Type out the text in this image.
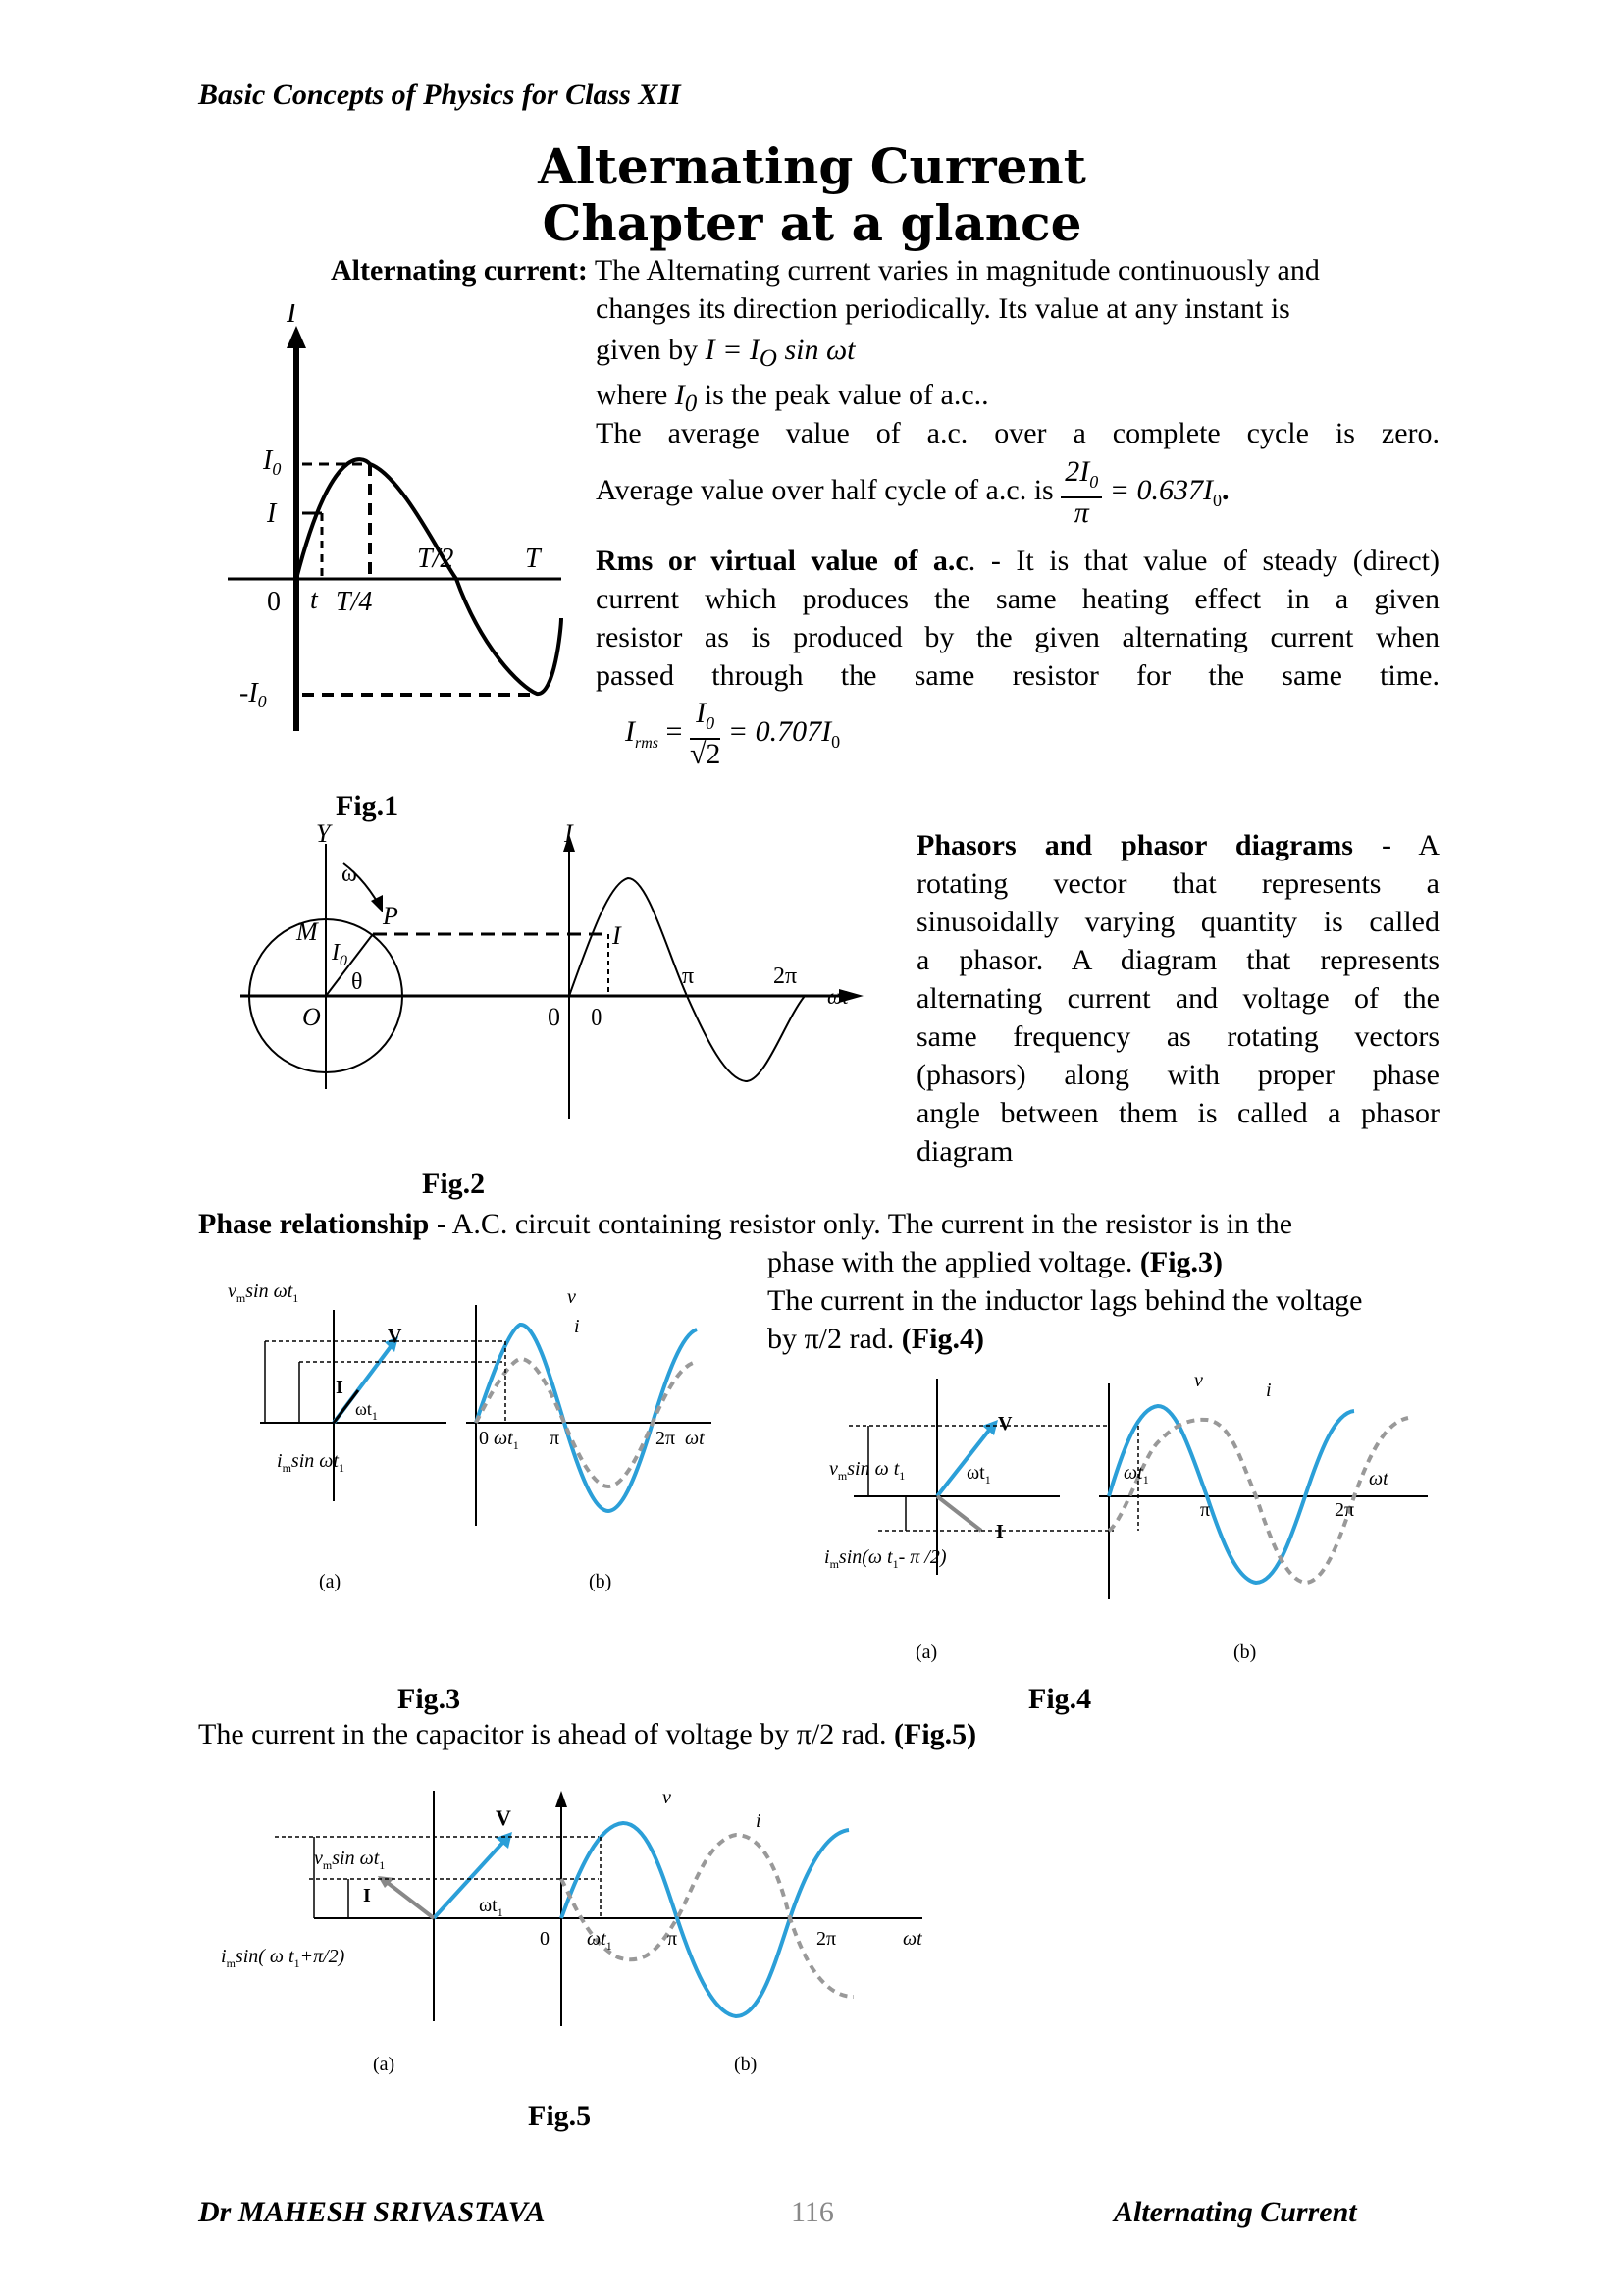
Basic Concepts of Physics for Class XII
Alternating Current
Chapter at a glance
Alternating current: The Alternating current varies in magnitude continuously and
changes its direction periodically. Its value at any instant is
given by $I = I_O$ sin ωt
where $I_0$ is the peak value of a.c..
The average value of a.c. over a complete cycle is zero.
Average value over half cycle of a.c. is $\frac{2I_0}{\pi} = 0.637I_0$.
Rms or virtual value of a.c. - It is that value of steady (direct)
current which produces the same heating effect in a given
resistor as is produced by the given alternating current when
passed through the same resistor for the same time.
$I_{rms} = \frac{I_0}{√2} = 0.707I_0$
I
$I_0$
I
$-I_0$
0 t T/4
T/2	T
Fig.1
Y
ω
M
P
$I_0$
θ
O
I
0 θ
I
π	2π
ωt
Fig.2
Phasors and phasor diagrams - A
rotating vector that represents a
sinusoidally varying quantity is called
a phasor. A diagram that represents
alternating current and voltage of the
same frequency as rotating vectors
(phasors) along with proper phase
angle between them is called a phasor
diagram
Phase relationship - A.C. circuit containing resistor only. The current in the resistor is in the
phase with the applied voltage. (Fig.3)
The current in the inductor lags behind the voltage
by π/2 rad. (Fig.4)
$v_m\sin$ $\omega t_1$
$i_m\sin$ $\omega t_1$
V
I
$\omega t_1$
v
i
0 $\omega t_1$ π	2π ωt
(a)	(b)
Fig.3
$v_m\sin$ ω $t_1$
$i_m\sin(\omega$ $t_1-$ π /2)
V
I
$\omega t_1$
v	i
$\omega t_1$
π	2π
ωt
(a)	(b)
Fig.4
The current in the capacitor is ahead of voltage by π/2 rad. (Fig.5)
$v_m\sin$ $\omega t_1$
$i_m\sin$( ω $t_1+\pi/2$)
V
I	$\omega t_1$
v
i
0 $\omega t_1$	π	2π	ωt
(a)	(b)
Fig.5
Dr MAHESH SRIVASTAVA	116	Alternating Current
